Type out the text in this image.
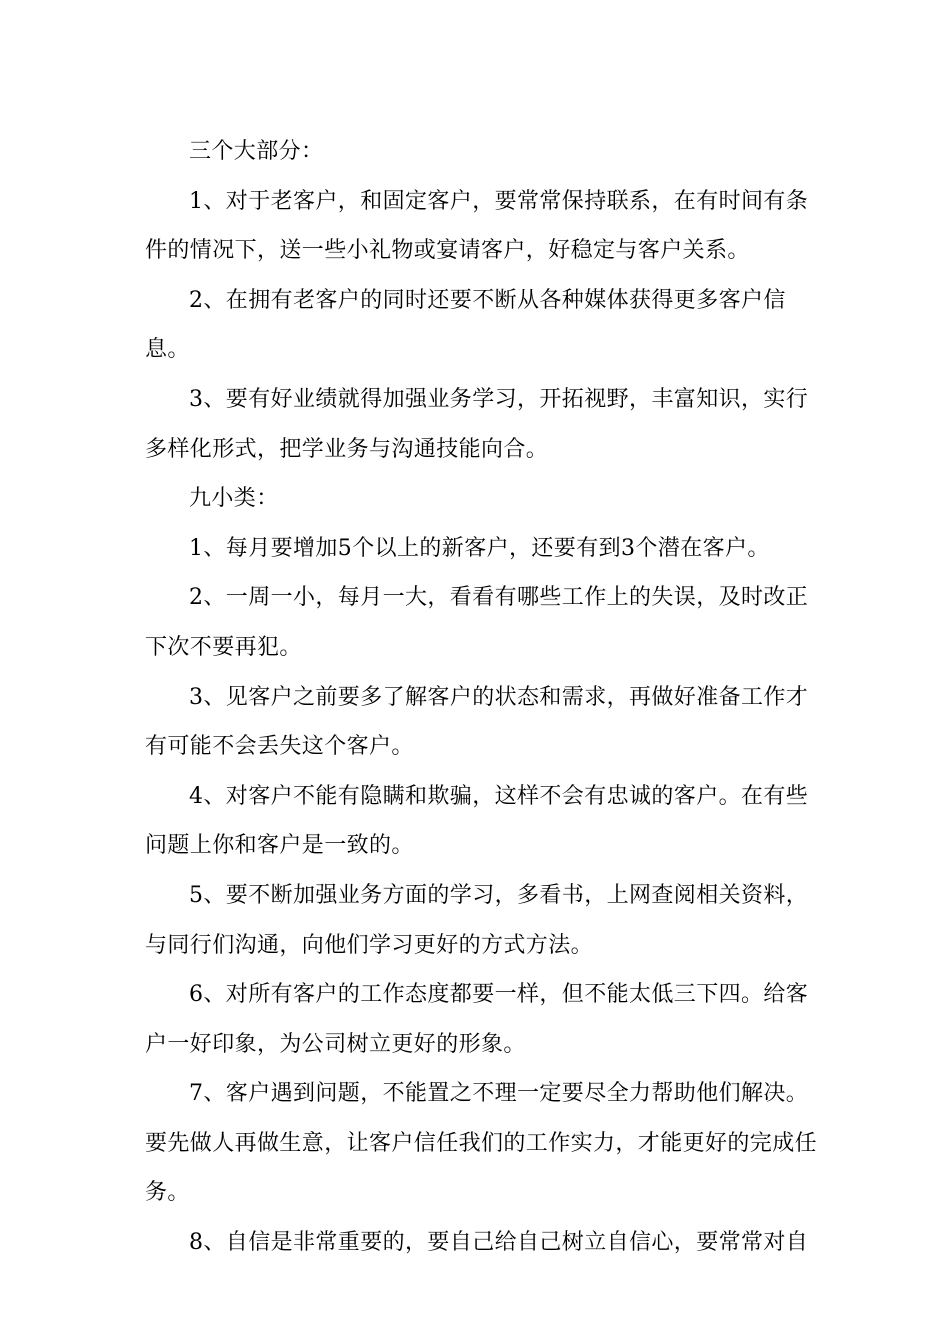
三个大部分：

1、对于老客户，和固定客户，要常常保持联系，在有时间有条件的情况下，送一些小礼物或宴请客户，好稳定与客户关系。

2、在拥有老客户的同时还要不断从各种媒体获得更多客户信息。

3、要有好业绩就得加强业务学习，开拓视野，丰富知识，实行多样化形式，把学业务与沟通技能向合。

九小类：

1、每月要增加5个以上的新客户，还要有到3个潜在客户。

2、一周一小，每月一大，看看有哪些工作上的失误，及时改正下次不要再犯。

3、见客户之前要多了解客户的状态和需求，再做好准备工作才有可能不会丢失这个客户。

4、对客户不能有隐瞒和欺骗，这样不会有忠诚的客户。在有些问题上你和客户是一致的。

5、要不断加强业务方面的学习，多看书，上网查阅相关资料，与同行们沟通，向他们学习更好的方式方法。

6、对所有客户的工作态度都要一样，但不能太低三下四。给客户一好印象，为公司树立更好的形象。

7、客户遇到问题，不能置之不理一定要尽全力帮助他们解决。要先做人再做生意，让客户信任我们的工作实力，才能更好的完成任务。

8、自信是非常重要的，要自己给自己树立自信心，要常常对自
